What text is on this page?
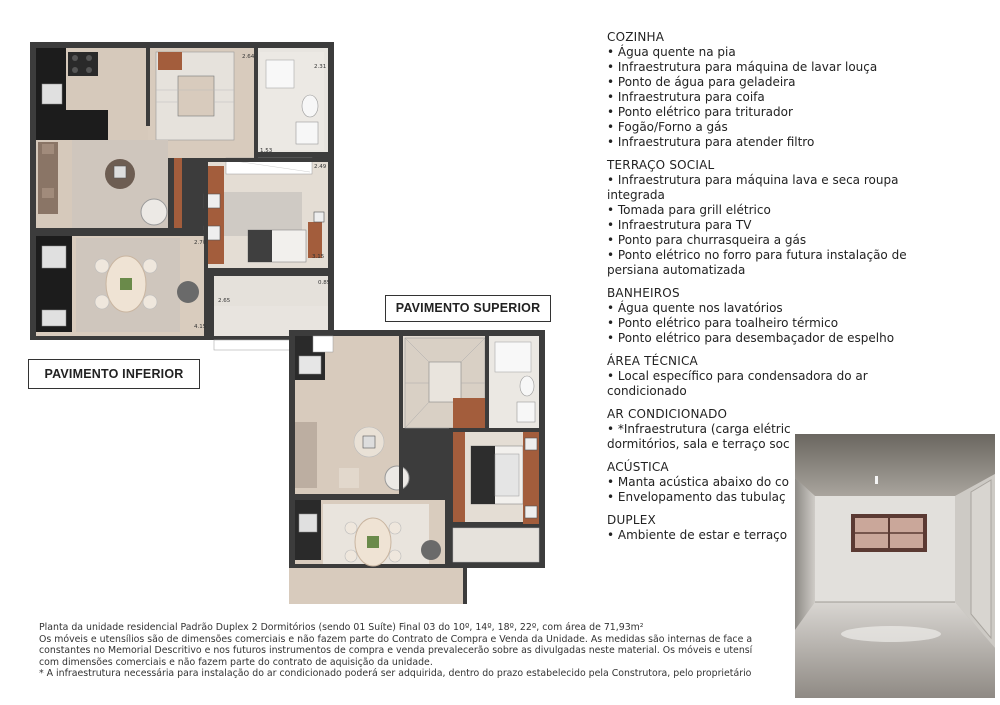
2.64
2.31
1.53
2.49
2.70
3.15
0.85
2.65
4.15
PAVIMENTO INFERIOR
PAVIMENTO SUPERIOR
COZINHA
• Água quente na pia
• Infraestrutura para máquina de lavar louça
• Ponto de água para geladeira
• Infraestrutura para coifa
• Ponto elétrico para triturador
• Fogão/Forno a gás
• Infraestrutura para atender filtro
TERRAÇO SOCIAL
• Infraestrutura para máquina lava e seca roupa
integrada
• Tomada para grill elétrico
• Infraestrutura para TV
• Ponto para churrasqueira a gás
• Ponto elétrico no forro para futura instalação de
persiana automatizada
BANHEIROS
• Água quente nos lavatórios
• Ponto elétrico para toalheiro térmico
• Ponto elétrico para desembaçador de espelho
ÁREA TÉCNICA
• Local específico para condensadora do ar
condicionado
AR CONDICIONADO
• *Infraestrutura (carga elétric
dormitórios, sala e terraço soc
ACÚSTICA
• Manta acústica abaixo do co
• Envelopamento das tubulaç
DUPLEX
• Ambiente de estar e terraço
Planta da unidade residencial Padrão Duplex 2 Dormitórios (sendo 01 Suíte) Final 03 do 10º, 14º, 18º, 22º, com área de 71,93m²
Os móveis e utensílios são de dimensões comerciais e não fazem parte do Contrato de Compra e Venda da Unidade. As medidas são internas de face a
constantes no Memorial Descritivo e nos futuros instrumentos de compra e venda prevalecerão sobre as divulgadas neste material. Os móveis e utensí
com dimensões comerciais e não fazem parte do contrato de aquisição da unidade.
* A infraestrutura necessária para instalação do ar condicionado poderá ser adquirida, dentro do prazo estabelecido pela Construtora, pelo proprietário
